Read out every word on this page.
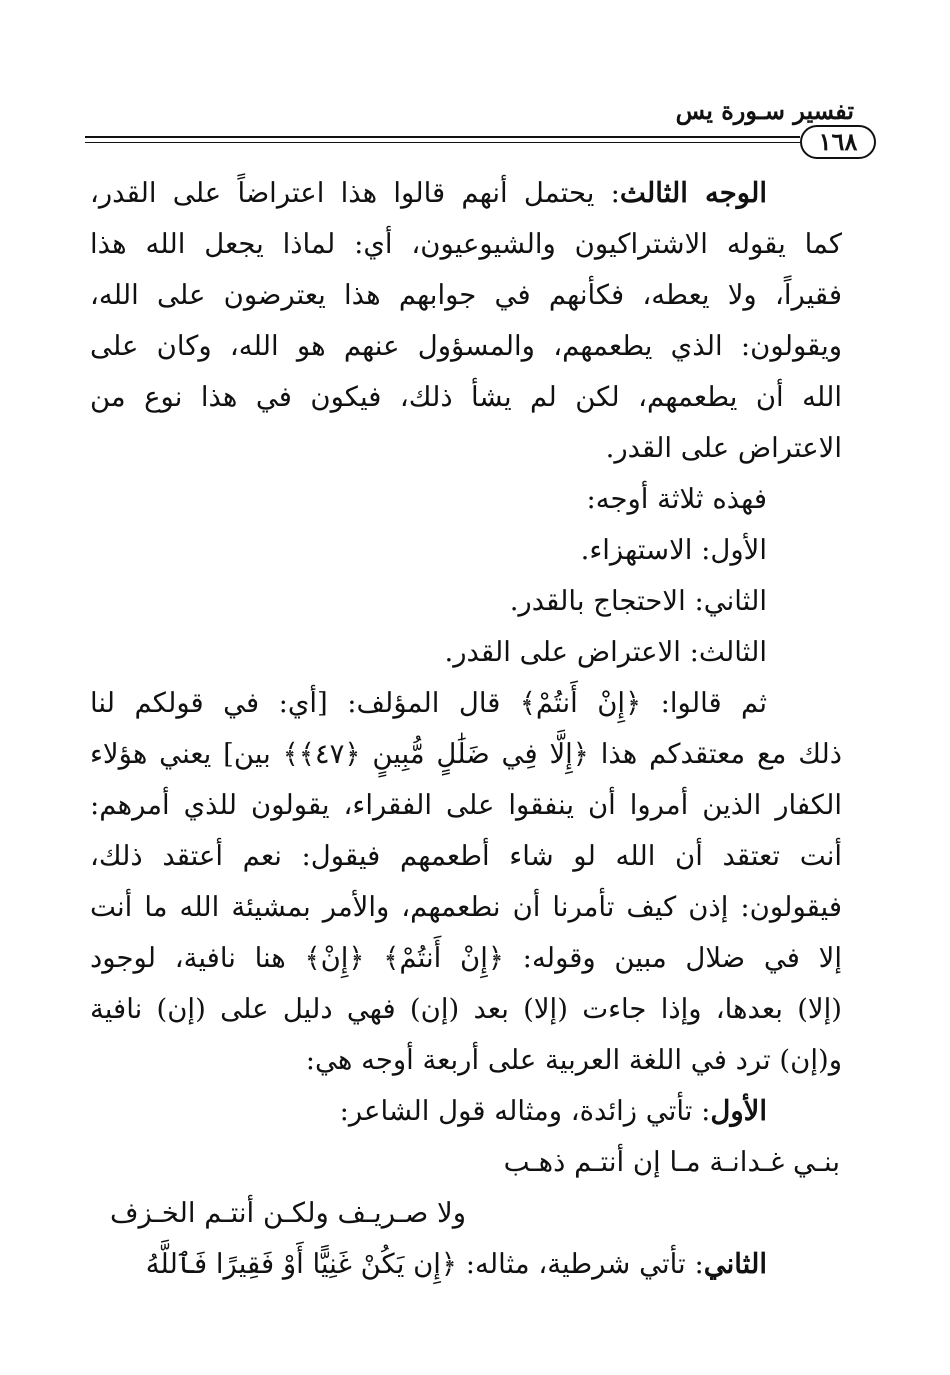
تفسير سـورة يس
١٦٨
الوجه الثالث: يحتمل أنهم قالوا هذا اعتراضاً على القدر،
كما يقوله الاشتراكيون والشيوعيون، أي: لماذا يجعل الله هذا
فقيراً، ولا يعطه، فكأنهم في جوابهم هذا يعترضون على الله،
ويقولون: الذي يطعمهم، والمسؤول عنهم هو الله، وكان على
الله أن يطعمهم، لكن لم يشأ ذلك، فيكون في هذا نوع من
الاعتراض على القدر.
فهذه ثلاثة أوجه:
الأول: الاستهزاء.
الثاني: الاحتجاج بالقدر.
الثالث: الاعتراض على القدر.
ثم قالوا: ﴿إِنْ أَنتُمْ﴾ قال المؤلف: [أي: في قولكم لنا
ذلك مع معتقدكم هذا ﴿إِلَّا فِي ضَلَٰلٍ مُّبِينٍ ﴿٤٧﴾﴾ بين] يعني هؤلاء
الكفار الذين أمروا أن ينفقوا على الفقراء، يقولون للذي أمرهم:
أنت تعتقد أن الله لو شاء أطعمهم فيقول: نعم أعتقد ذلك،
فيقولون: إذن كيف تأمرنا أن نطعمهم، والأمر بمشيئة الله ما أنت
إلا في ضلال مبين وقوله: ﴿إِنْ أَنتُمْ﴾ ﴿إِنْ﴾ هنا نافية، لوجود
(إلا) بعدها، وإذا جاءت (إلا) بعد (إن) فهي دليل على (إن) نافية
و(إن) ترد في اللغة العربية على أربعة أوجه هي:
الأول: تأتي زائدة، ومثاله قول الشاعر:
بنـي غـدانـة مـا إن أنتـم ذهـب
ولا صـريـف ولكـن أنتـم الخـزف
الثاني: تأتي شرطية، مثاله: ﴿إِن يَكُنْ غَنِيًّا أَوْ فَقِيرًا فَٱللَّهُ
